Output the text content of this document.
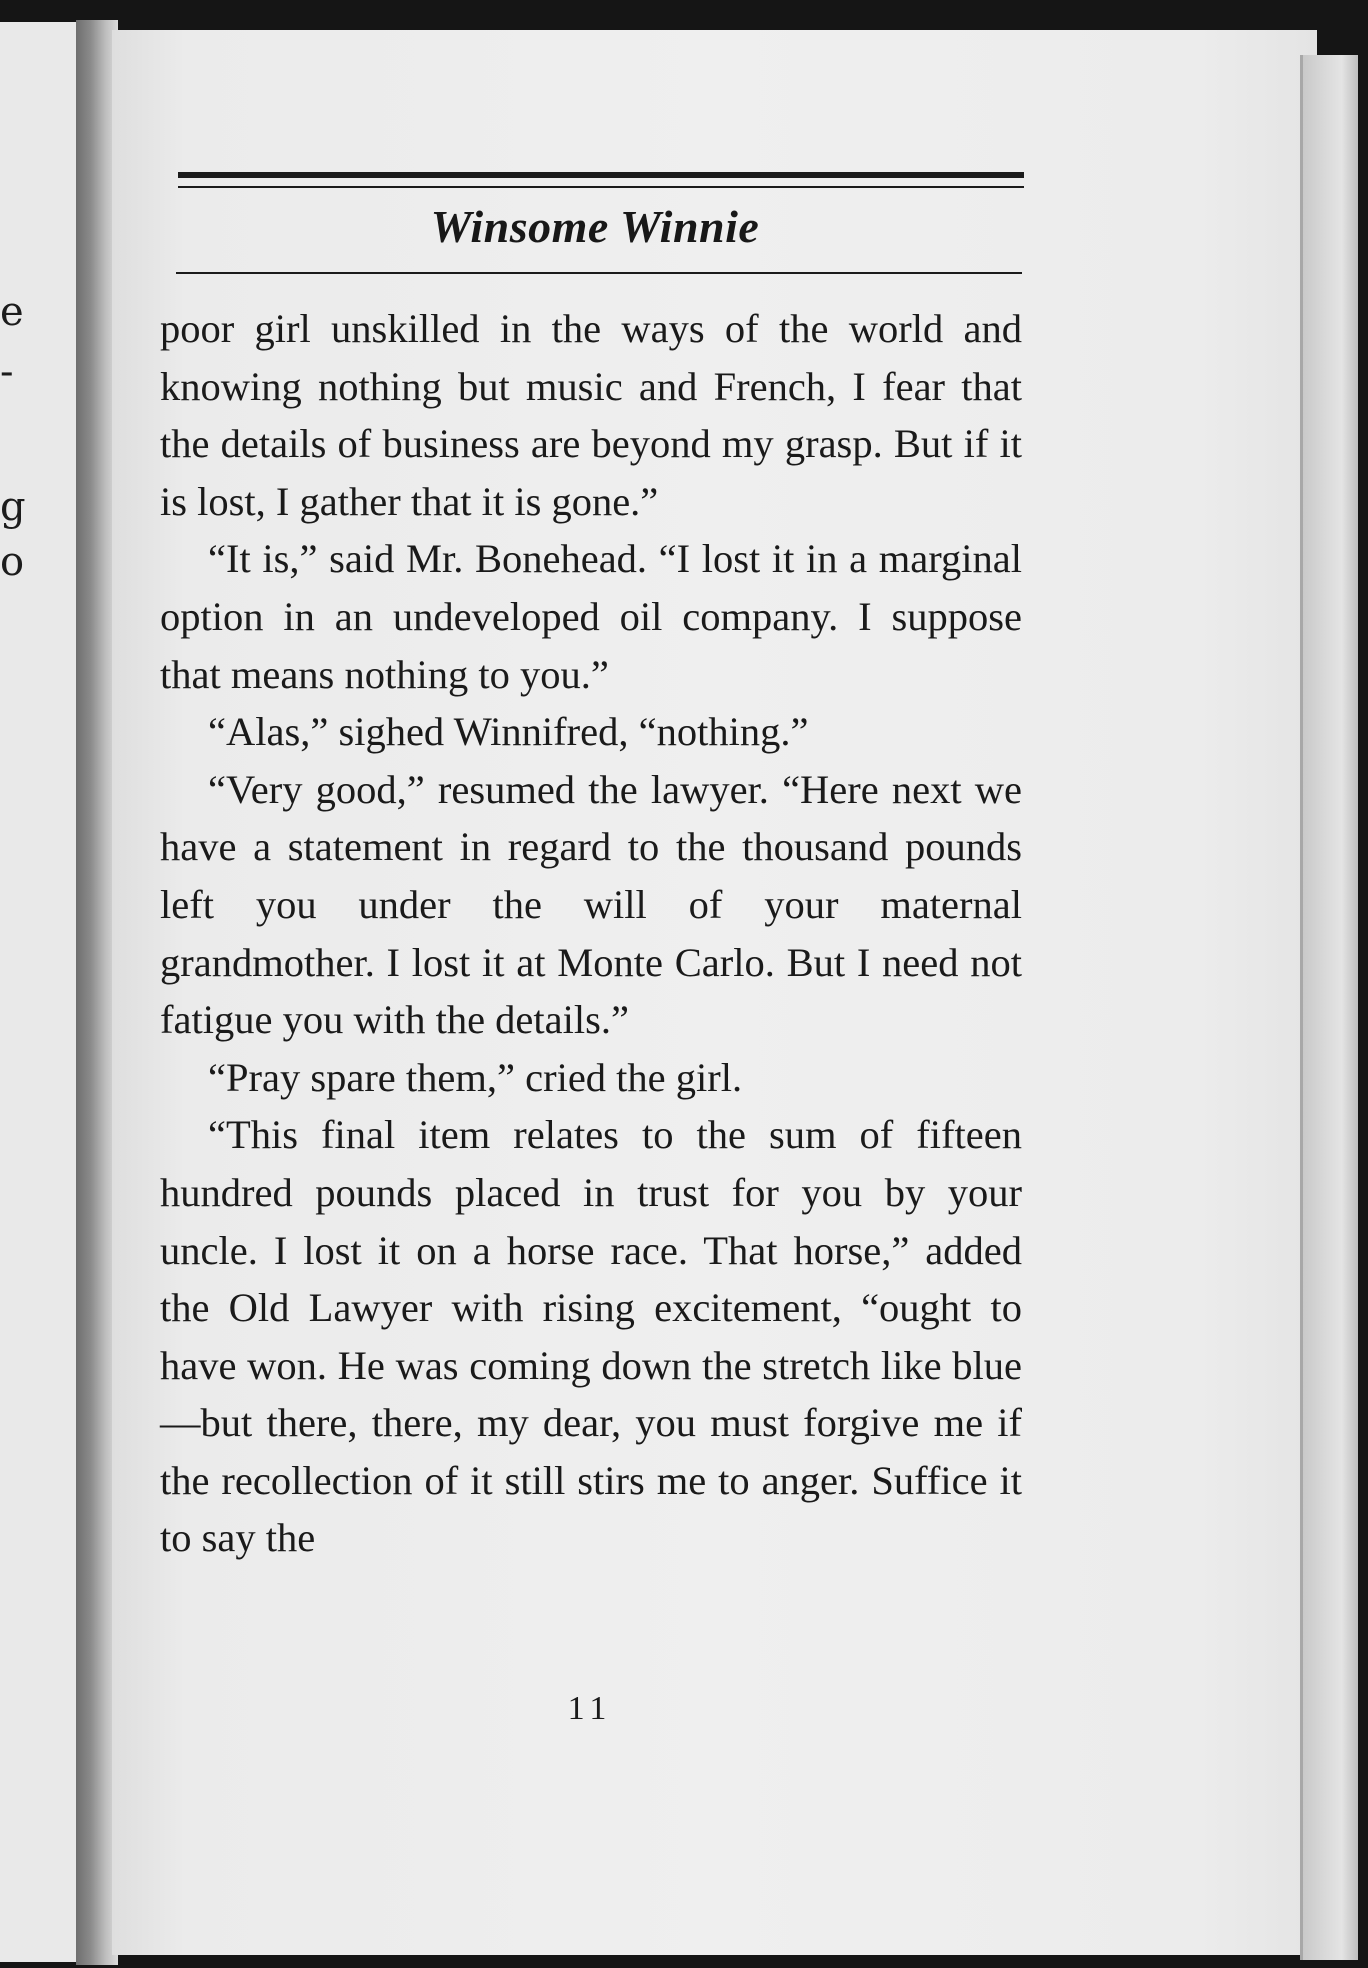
e
-
g
o
Winsome Winnie

poor girl unskilled in the ways of the world and knowing nothing but music and French, I fear that the details of business are beyond my grasp. But if it is lost, I gather that it is gone.”

“It is,” said Mr. Bonehead. “I lost it in a marginal option in an undeveloped oil company. I suppose that means nothing to you.”

“Alas,” sighed Winnifred, “nothing.”

“Very good,” resumed the lawyer. “Here next we have a statement in regard to the thousand pounds left you under the will of your maternal grandmother. I lost it at Monte Carlo. But I need not fatigue you with the details.”

“Pray spare them,” cried the girl.

“This final item relates to the sum of fifteen hundred pounds placed in trust for you by your uncle. I lost it on a horse race. That horse,” added the Old Lawyer with rising excitement, “ought to have won. He was coming down the stretch like blue—but there, there, my dear, you must forgive me if the recollection of it still stirs me to anger. Suffice it to say the

11
